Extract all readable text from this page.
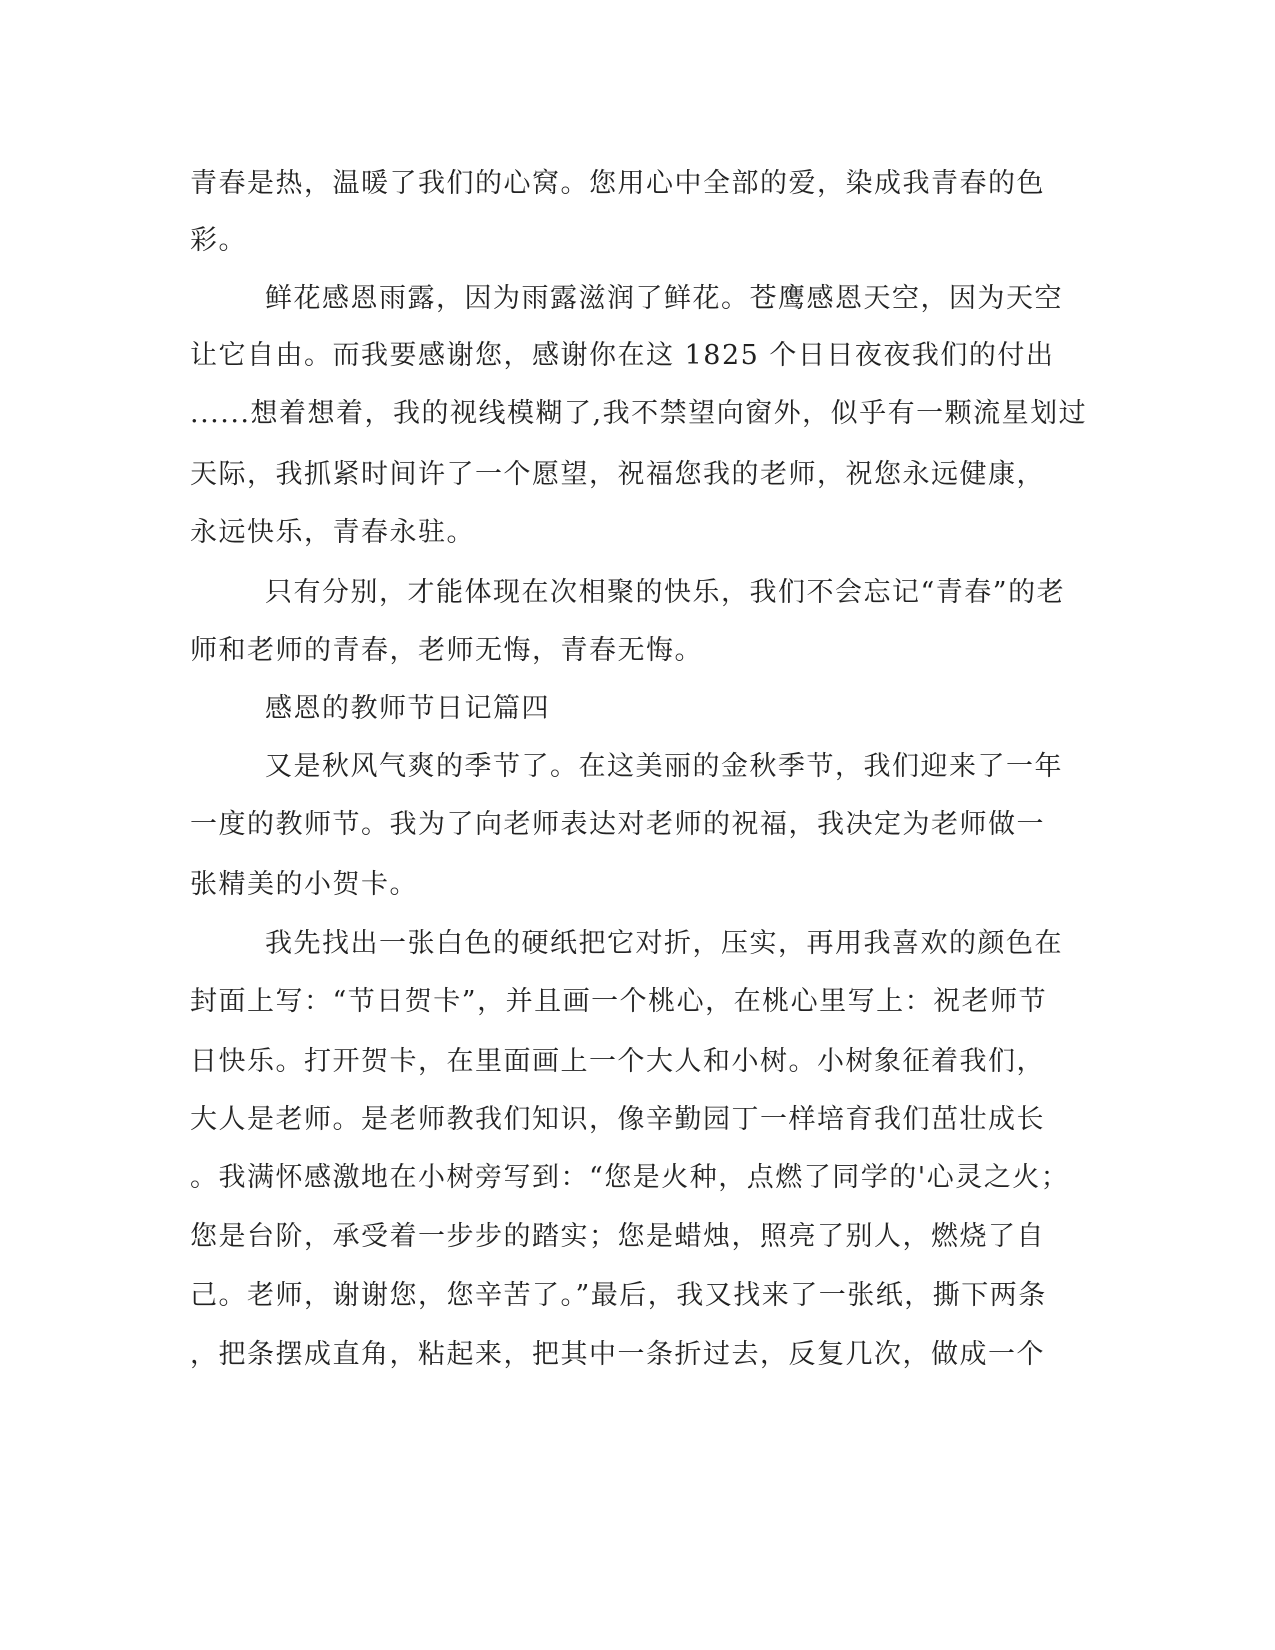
青春是热，温暖了我们的心窝。您用心中全部的爱，染成我青春的色

彩。

鲜花感恩雨露，因为雨露滋润了鲜花。苍鹰感恩天空，因为天空

让它自由。而我要感谢您，感谢你在这 1825 个日日夜夜我们的付出

......想着想着，我的视线模糊了,我不禁望向窗外，似乎有一颗流星划过

天际，我抓紧时间许了一个愿望，祝福您我的老师，祝您永远健康，

永远快乐，青春永驻。

只有分别，才能体现在次相聚的快乐，我们不会忘记“青春”的老

师和老师的青春，老师无悔，青春无悔。

感恩的教师节日记篇四

又是秋风气爽的季节了。在这美丽的金秋季节，我们迎来了一年

一度的教师节。我为了向老师表达对老师的祝福，我决定为老师做一

张精美的小贺卡。

我先找出一张白色的硬纸把它对折，压实，再用我喜欢的颜色在

封面上写：“节日贺卡”，并且画一个桃心，在桃心里写上：祝老师节

日快乐。打开贺卡，在里面画上一个大人和小树。小树象征着我们，

大人是老师。是老师教我们知识，像辛勤园丁一样培育我们茁壮成长

。我满怀感激地在小树旁写到：“您是火种，点燃了同学的'心灵之火；

您是台阶，承受着一步步的踏实；您是蜡烛，照亮了别人，燃烧了自

己。老师，谢谢您，您辛苦了。”最后，我又找来了一张纸，撕下两条

，把条摆成直角，粘起来，把其中一条折过去，反复几次，做成一个
